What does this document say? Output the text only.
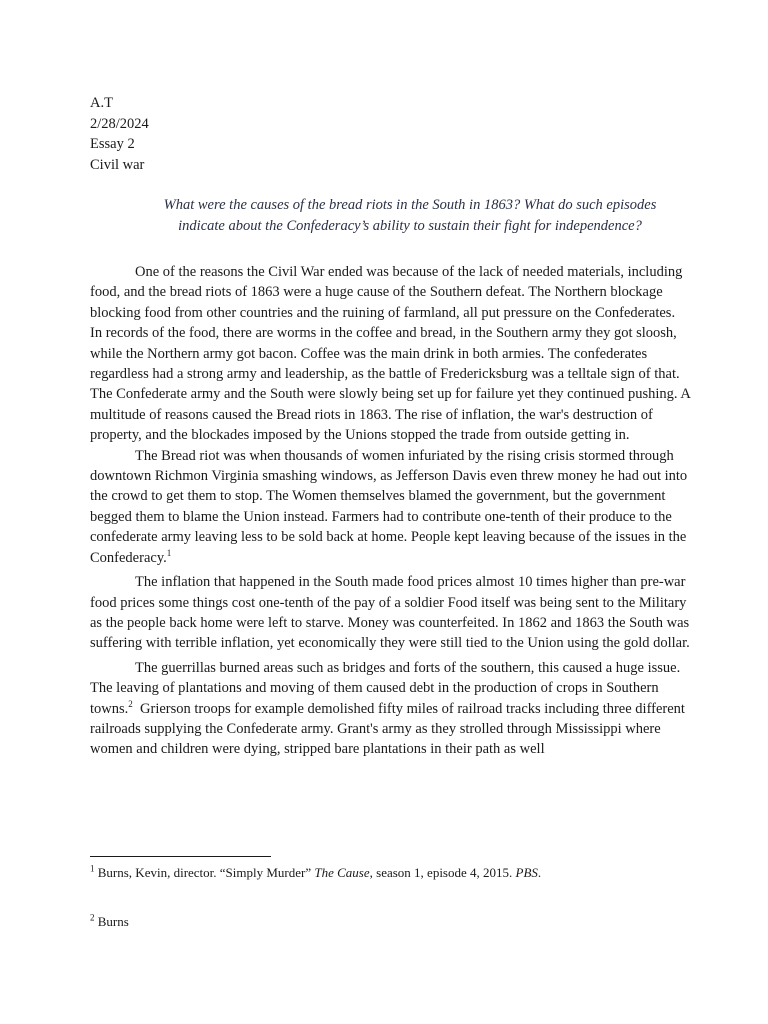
A.T
2/28/2024
Essay 2
Civil war
What were the causes of the bread riots in the South in 1863? What do such episodes
indicate about the Confederacy’s ability to sustain their fight for independence?

One of the reasons the Civil War ended was because of the lack of needed materials, including food, and the bread riots of 1863 were a huge cause of the Southern defeat. The Northern blockage blocking food from other countries and the ruining of farmland, all put pressure on the Confederates. In records of the food, there are worms in the coffee and bread, in the Southern army they got sloosh, while the Northern army got bacon. Coffee was the main drink in both armies. The confederates regardless had a strong army and leadership, as the battle of Fredericksburg was a telltale sign of that. The Confederate army and the South were slowly being set up for failure yet they continued pushing. A multitude of reasons caused the Bread riots in 1863. The rise of inflation, the war's destruction of property, and the blockades imposed by the Unions stopped the trade from outside getting in.

The Bread riot was when thousands of women infuriated by the rising crisis stormed through downtown Richmon Virginia smashing windows, as Jefferson Davis even threw money he had out into the crowd to get them to stop. The Women themselves blamed the government, but the government begged them to blame the Union instead. Farmers had to contribute one-tenth of their produce to the confederate army leaving less to be sold back at home. People kept leaving because of the issues in the Confederacy.$^1$

The inflation that happened in the South made food prices almost 10 times higher than pre-war food prices some things cost one-tenth of the pay of a soldier Food itself was being sent to the Military as the people back home were left to starve. Money was counterfeited. In 1862 and 1863 the South was suffering with terrible inflation, yet economically they were still tied to the Union using the gold dollar.

The guerrillas burned areas such as bridges and forts of the southern, this caused a huge issue. The leaving of plantations and moving of them caused debt in the production of crops in Southern towns.$^2$  Grierson troops for example demolished fifty miles of railroad tracks including three different railroads supplying the Confederate army. Grant's army as they strolled through Mississippi where women and children were dying, stripped bare plantations in their path as well

$^1$ Burns, Kevin, director. “Simply Murder” The Cause, season 1, episode 4, 2015. PBS.
$^2$ Burns
